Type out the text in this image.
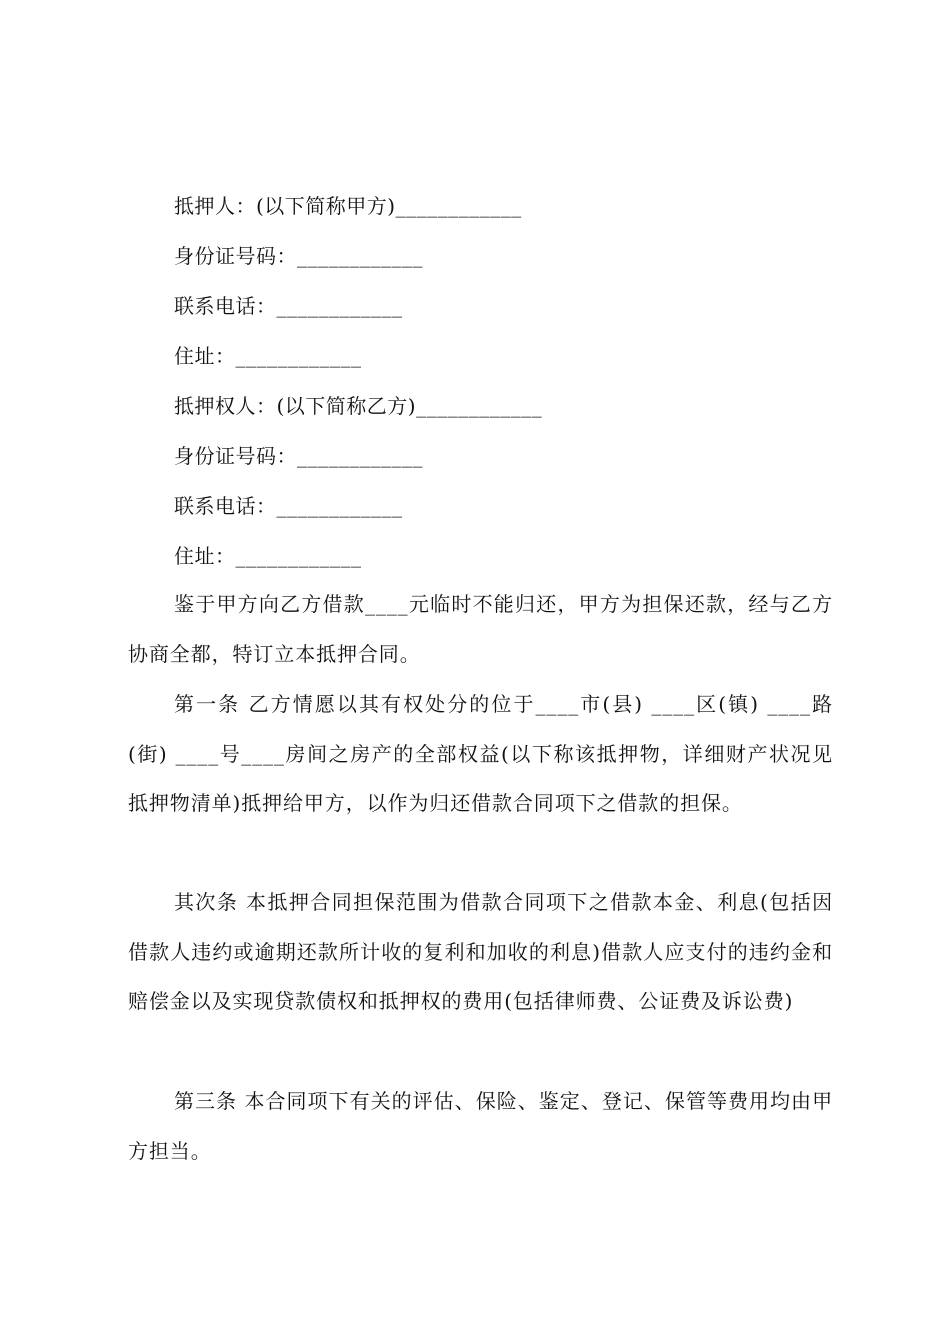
抵押人：(以下简称甲方)____________
身份证号码：____________
联系电话：____________
住址：____________
抵押权人：(以下简称乙方)____________
身份证号码：____________
联系电话：____________
住址：____________

鉴于甲方向乙方借款____元临时不能归还，甲方为担保还款，经与乙方协商全都，特订立本抵押合同。

第一条 乙方情愿以其有权处分的位于____市(县) ____区(镇) ____路(街) ____号____房间之房产的全部权益(以下称该抵押物，详细财产状况见抵押物清单)抵押给甲方，以作为归还借款合同项下之借款的担保。

其次条 本抵押合同担保范围为借款合同项下之借款本金、利息(包括因借款人违约或逾期还款所计收的复利和加收的利息)借款人应支付的违约金和赔偿金以及实现贷款债权和抵押权的费用(包括律师费、公证费及诉讼费)

第三条 本合同项下有关的评估、保险、鉴定、登记、保管等费用均由甲方担当。
